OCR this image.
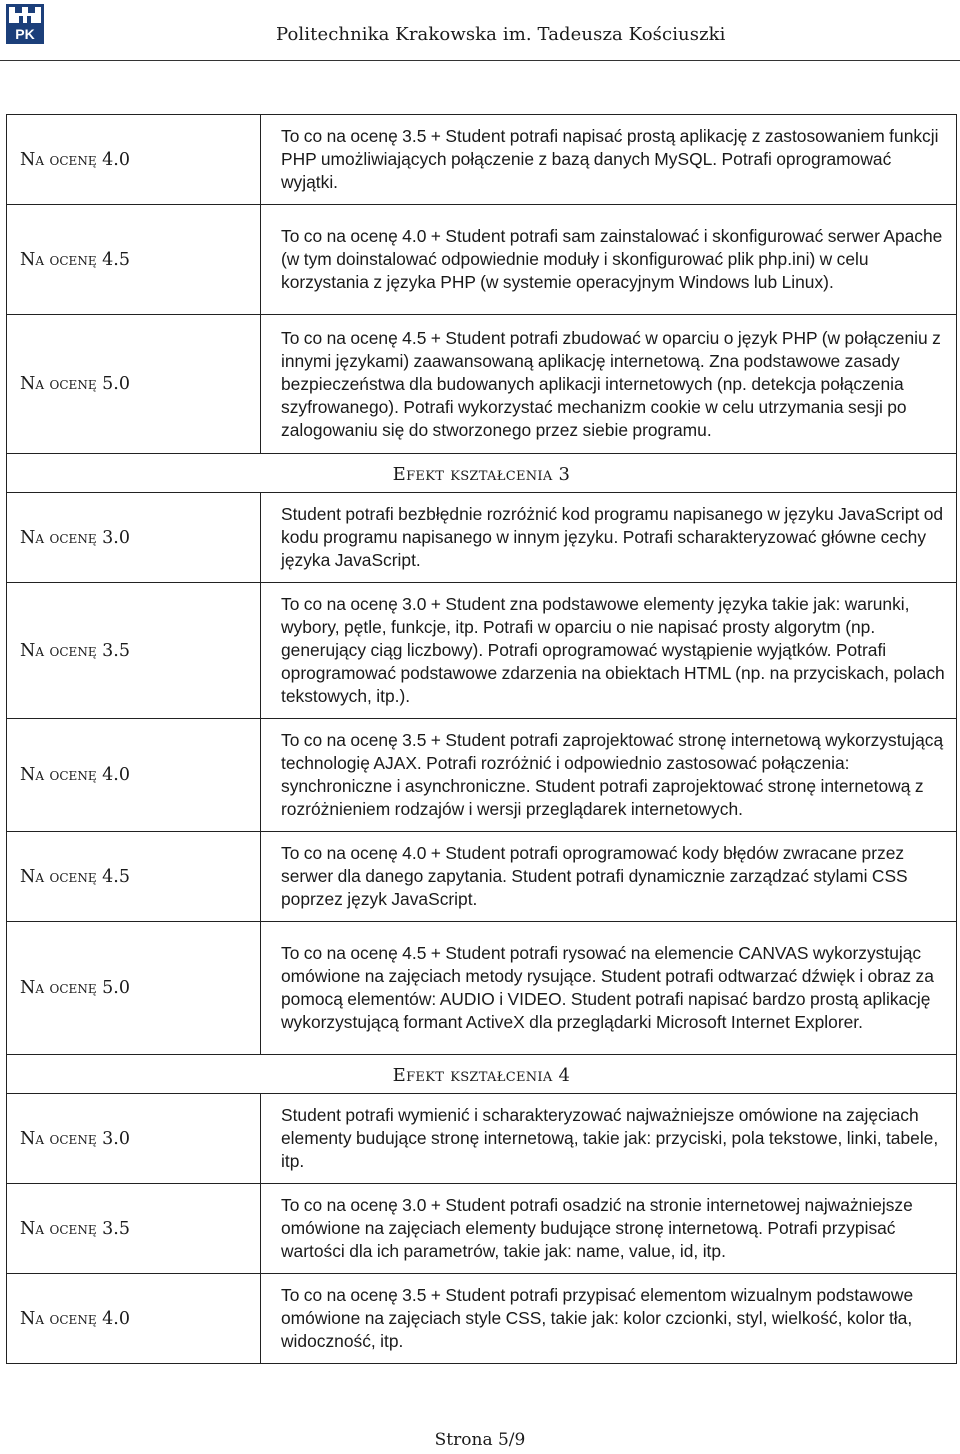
PK	Politechnika Krakowska im. Tadeusza Kościuszki
Na ocenę 4.0	To co na ocenę 3.5 + Student potrafi napisać prostą aplikację z zastosowaniem funkcji PHP umożliwiających połączenie z bazą danych MySQL. Potrafi oprogramować wyjątki.
Na ocenę 4.5	To co na ocenę 4.0 + Student potrafi sam zainstalować i skonfigurować serwer Apache (w tym doinstalować odpowiednie moduły i skonfigurować plik php.ini) w celu korzystania z języka PHP (w systemie operacyjnym Windows lub Linux).
Na ocenę 5.0	To co na ocenę 4.5 + Student potrafi zbudować w oparciu o język PHP (w połączeniu z innymi językami) zaawansowaną aplikację internetową. Zna podstawowe zasady bezpieczeństwa dla budowanych aplikacji internetowych (np. detekcja połączenia szyfrowanego). Potrafi wykorzystać mechanizm cookie w celu utrzymania sesji po zalogowaniu się do stworzonego przez siebie programu.
Efekt kształcenia 3	
Na ocenę 3.0	Student potrafi bezbłędnie rozróżnić kod programu napisanego w języku JavaScript od kodu programu napisanego w innym języku. Potrafi scharakteryzować główne cechy języka JavaScript.
Na ocenę 3.5	To co na ocenę 3.0 + Student zna podstawowe elementy języka takie jak: warunki, wybory, pętle, funkcje, itp. Potrafi w oparciu o nie napisać prosty algorytm (np. generujący ciąg liczbowy). Potrafi oprogramować wystąpienie wyjątków. Potrafi oprogramować podstawowe zdarzenia na obiektach HTML (np. na przyciskach, polach tekstowych, itp.).
Na ocenę 4.0	To co na ocenę 3.5 + Student potrafi zaprojektować stronę internetową wykorzystującą technologię AJAX. Potrafi rozróżnić i odpowiednio zastosować połączenia: synchroniczne i asynchroniczne. Student potrafi zaprojektować stronę internetową z rozróżnieniem rodzajów i wersji przeglądarek internetowych.
Na ocenę 4.5	To co na ocenę 4.0 + Student potrafi oprogramować kody błędów zwracane przez serwer dla danego zapytania. Student potrafi dynamicznie zarządzać stylami CSS poprzez język JavaScript.
Na ocenę 5.0	To co na ocenę 4.5 + Student potrafi rysować na elemencie CANVAS wykorzystując omówione na zajęciach metody rysujące. Student potrafi odtwarzać dźwięk i obraz za pomocą elementów: AUDIO i VIDEO. Student potrafi napisać bardzo prostą aplikację wykorzystującą formant ActiveX dla przeglądarki Microsoft Internet Explorer.
Efekt kształcenia 4	
Na ocenę 3.0	Student potrafi wymienić i scharakteryzować najważniejsze omówione na zajęciach elementy budujące stronę internetową, takie jak: przyciski, pola tekstowe, linki, tabele, itp.
Na ocenę 3.5	To co na ocenę 3.0 + Student potrafi osadzić na stronie internetowej najważniejsze omówione na zajęciach elementy budujące stronę internetową. Potrafi przypisać wartości dla ich parametrów, takie jak: name, value, id, itp.
Na ocenę 4.0	To co na ocenę 3.5 + Student potrafi przypisać elementom wizualnym podstawowe omówione na zajęciach style CSS, takie jak: kolor czcionki, styl, wielkość, kolor tła, widoczność, itp.
Strona 5/9
